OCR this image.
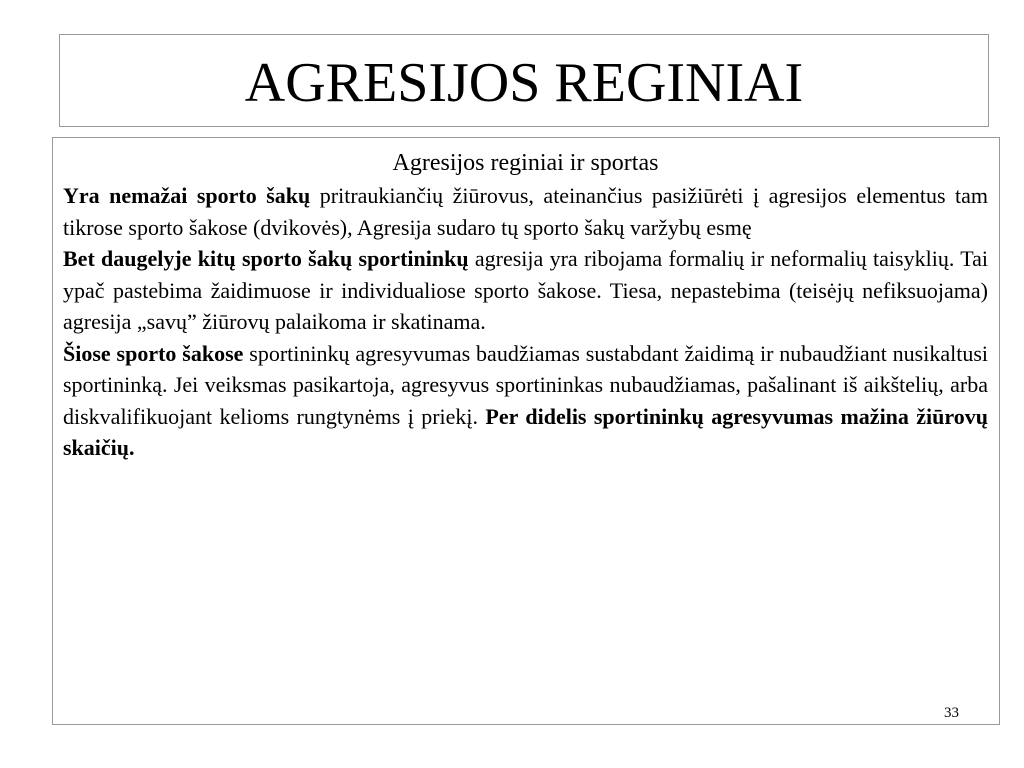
AGRESIJOS REGINIAI

Agresijos reginiai ir sportas

Yra nemažai sporto šakų pritraukiančių žiūrovus, ateinančius pasižiūrėti į agresijos elementus tam tikrose sporto šakose (dvikovės), Agresija sudaro tų sporto šakų varžybų esmę

Bet daugelyje kitų sporto šakų sportininkų agresija yra ribojama formalių ir neformalių taisyklių. Tai ypač pastebima žaidimuose ir individualiose sporto šakose. Tiesa, nepastebima (teisėjų nefiksuojama) agresija „savų” žiūrovų palaikoma ir skatinama.

Šiose sporto šakose sportininkų agresyvumas baudžiamas sustabdant žaidimą ir nubaudžiant nusikaltusi sportininką. Jei veiksmas pasikartoja, agresyvus sportininkas nubaudžiamas, pašalinant iš aikštelių, arba diskvalifikuojant kelioms rungtynėms į priekį. Per didelis sportininkų agresyvumas mažina žiūrovų skaičių.

33
